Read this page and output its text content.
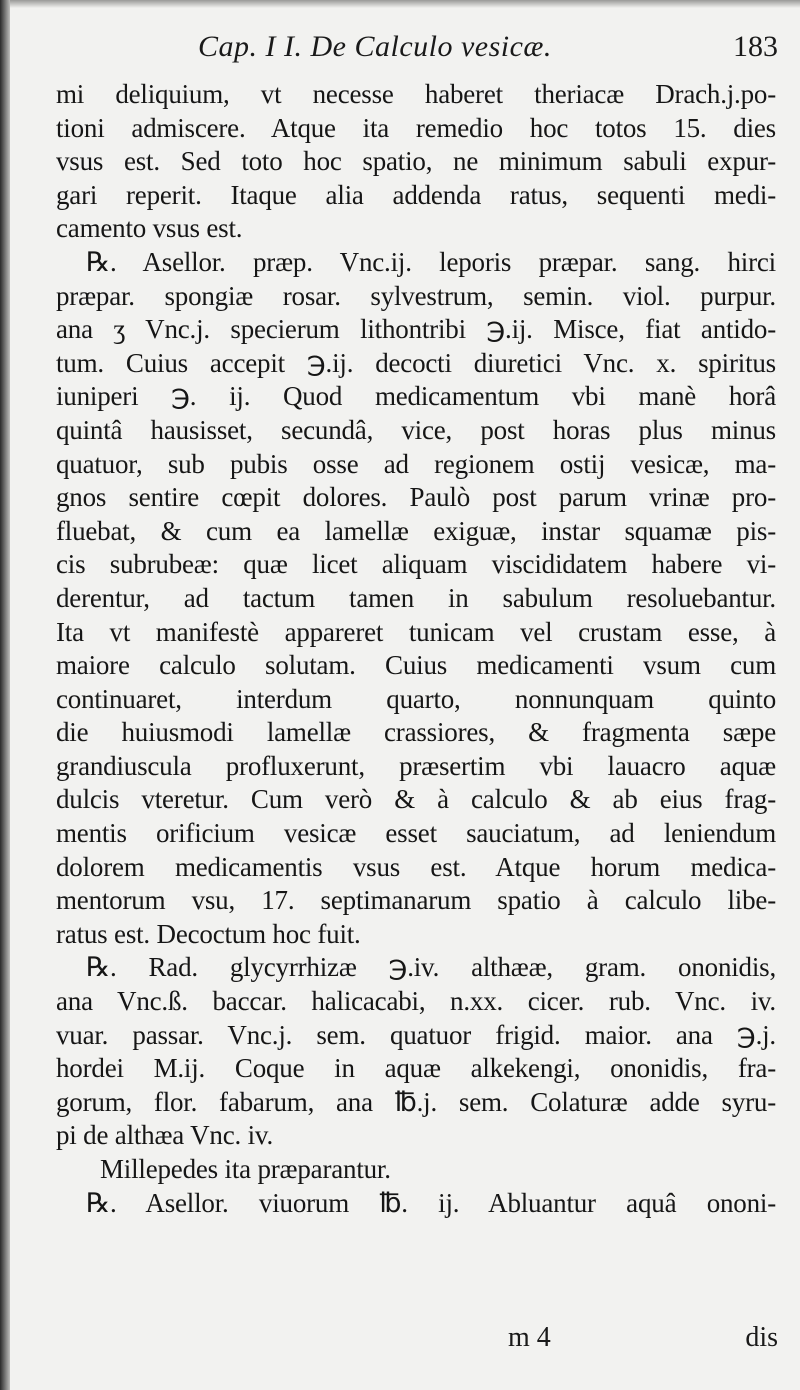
Cap. I I. De Calculo vesicæ.	183
mi deliquium, vt necesse haberet theriacæ Drach.j.po-
tioni admiscere. Atque ita remedio hoc totos 15. dies
vsus est. Sed toto hoc spatio, ne minimum sabuli expur-
gari reperit. Itaque alia addenda ratus, sequenti medi-
camento vsus est.
℞. Asellor. præp. Vnc.ij. leporis præpar. sang. hirci
præpar. spongiæ rosar. sylvestrum, semin. viol. purpur.
ana ʒ Vnc.j. specierum lithontribi ℈.ij. Misce, fiat antido-
tum. Cuius accepit ℈.ij. decocti diuretici Vnc. x. spiritus
iuniperi ℈. ij. Quod medicamentum vbi manè horâ
quintâ hausisset, secundâ, vice, post horas plus minus
quatuor, sub pubis osse ad regionem ostij vesicæ, ma-
gnos sentire cœpit dolores. Paulò post parum vrinæ pro-
fluebat, & cum ea lamellæ exiguæ, instar squamæ pis-
cis subrubeæ: quæ licet aliquam viscididatem habere vi-
derentur, ad tactum tamen in sabulum resoluebantur.
Ita vt manifestè appareret tunicam vel crustam esse, à
maiore calculo solutam. Cuius medicamenti vsum cum
continuaret, interdum quarto, nonnunquam quinto
die huiusmodi lamellæ crassiores, & fragmenta sæpe
grandiuscula profluxerunt, præsertim vbi lauacro aquæ
dulcis vteretur. Cum verò & à calculo & ab eius frag-
mentis orificium vesicæ esset sauciatum, ad leniendum
dolorem medicamentis vsus est. Atque horum medica-
mentorum vsu, 17. septimanarum spatio à calculo libe-
ratus est. Decoctum hoc fuit.
℞. Rad. glycyrrhizæ ℈.iv. althææ, gram. ononidis,
ana Vnc.ß. baccar. halicacabi, n.xx. cicer. rub. Vnc. iv.
vuar. passar. Vnc.j. sem. quatuor frigid. maior. ana ℈.j.
hordei M.ij. Coque in aquæ alkekengi, ononidis, fra-
gorum, flor. fabarum, ana ℔.j. sem. Colaturæ adde syru-
pi de althæa Vnc. iv.
Millepedes ita præparantur.
℞. Asellor. viuorum ℔. ij. Abluantur aquâ ononi-
m 4	dis
